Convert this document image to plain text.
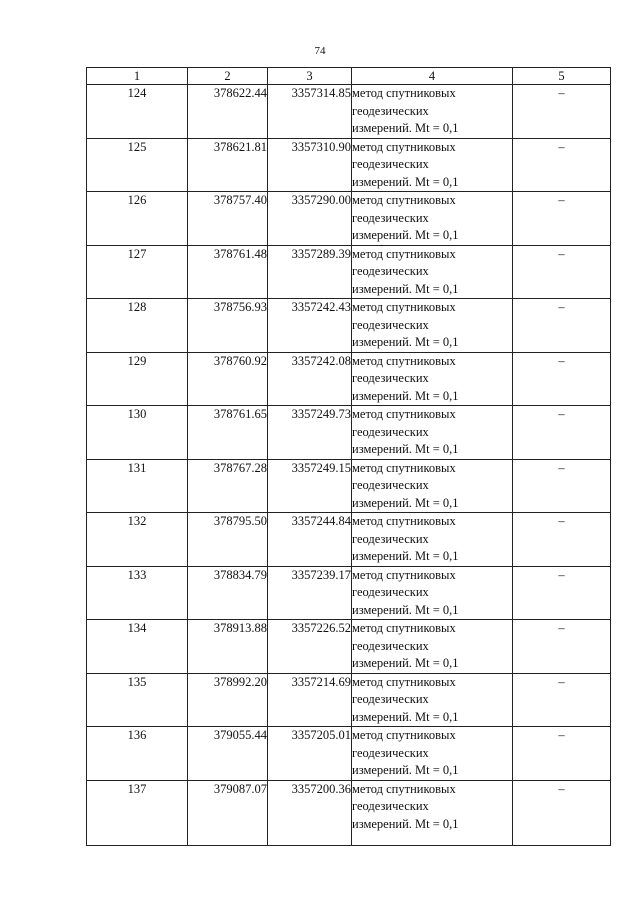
74
1	2	3	4	5
124	378622.44	3357314.85	метод спутниковых
геодезических
измерений. Mt = 0,1	–
125	378621.81	3357310.90	метод спутниковых
геодезических
измерений. Mt = 0,1	–
126	378757.40	3357290.00	метод спутниковых
геодезических
измерений. Mt = 0,1	–
127	378761.48	3357289.39	метод спутниковых
геодезических
измерений. Mt = 0,1	–
128	378756.93	3357242.43	метод спутниковых
геодезических
измерений. Mt = 0,1	–
129	378760.92	3357242.08	метод спутниковых
геодезических
измерений. Mt = 0,1	–
130	378761.65	3357249.73	метод спутниковых
геодезических
измерений. Mt = 0,1	–
131	378767.28	3357249.15	метод спутниковых
геодезических
измерений. Mt = 0,1	–
132	378795.50	3357244.84	метод спутниковых
геодезических
измерений. Mt = 0,1	–
133	378834.79	3357239.17	метод спутниковых
геодезических
измерений. Mt = 0,1	–
134	378913.88	3357226.52	метод спутниковых
геодезических
измерений. Mt = 0,1	–
135	378992.20	3357214.69	метод спутниковых
геодезических
измерений. Mt = 0,1	–
136	379055.44	3357205.01	метод спутниковых
геодезических
измерений. Mt = 0,1	–
137	379087.07	3357200.36	метод спутниковых
геодезических
измерений. Mt = 0,1	–
